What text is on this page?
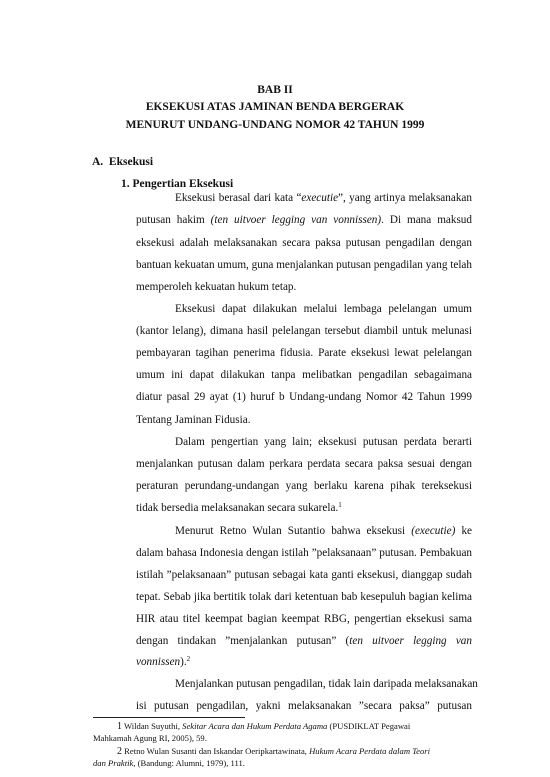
BAB II
EKSEKUSI ATAS JAMINAN BENDA BERGERAK
MENURUT UNDANG-UNDANG NOMOR 42 TAHUN 1999
A. Eksekusi
1. Pengertian Eksekusi
Eksekusi berasal dari kata “executie”, yang artinya melaksanakan
putusan hakim (ten uitvoer legging van vonnissen). Di mana maksud
eksekusi adalah melaksanakan secara paksa putusan pengadilan dengan
bantuan kekuatan umum, guna menjalankan putusan pengadilan yang telah
memperoleh kekuatan hukum tetap.
Eksekusi dapat dilakukan melalui lembaga pelelangan umum
(kantor lelang), dimana hasil pelelangan tersebut diambil untuk melunasi
pembayaran tagihan penerima fidusia. Parate eksekusi lewat pelelangan
umum ini dapat dilakukan tanpa melibatkan pengadilan sebagaimana
diatur pasal 29 ayat (1) huruf b Undang-undang Nomor 42 Tahun 1999
Tentang Jaminan Fidusia.
Dalam pengertian yang lain; eksekusi putusan perdata berarti
menjalankan putusan dalam perkara perdata secara paksa sesuai dengan
peraturan perundang-undangan yang berlaku karena pihak tereksekusi
tidak bersedia melaksanakan secara sukarela.$^1$
Menurut Retno Wulan Sutantio bahwa eksekusi (executie) ke
dalam bahasa Indonesia dengan istilah ”pelaksanaan” putusan. Pembakuan
istilah ”pelaksanaan” putusan sebagai kata ganti eksekusi, dianggap sudah
tepat. Sebab jika bertitik tolak dari ketentuan bab kesepuluh bagian kelima
HIR atau titel keempat bagian keempat RBG, pengertian eksekusi sama
dengan tindakan ”menjalankan putusan” (ten uitvoer legging van
vonnissen).$^2$
Menjalankan putusan pengadilan, tidak lain daripada melaksanakan
isi putusan pengadilan, yakni melaksanakan ”secara paksa” putusan
1 Wildan Suyuthi, Sekitar Acara dan Hukum Perdata Agama (PUSDIKLAT Pegawai
Mahkamah Agung RI, 2005), 59.
2 Retno Wulan Susanti dan Iskandar Oeripkartawinata, Hukum Acara Perdata dalam Teori
dan Praktik, (Bandung: Alumni, 1979), 111.
